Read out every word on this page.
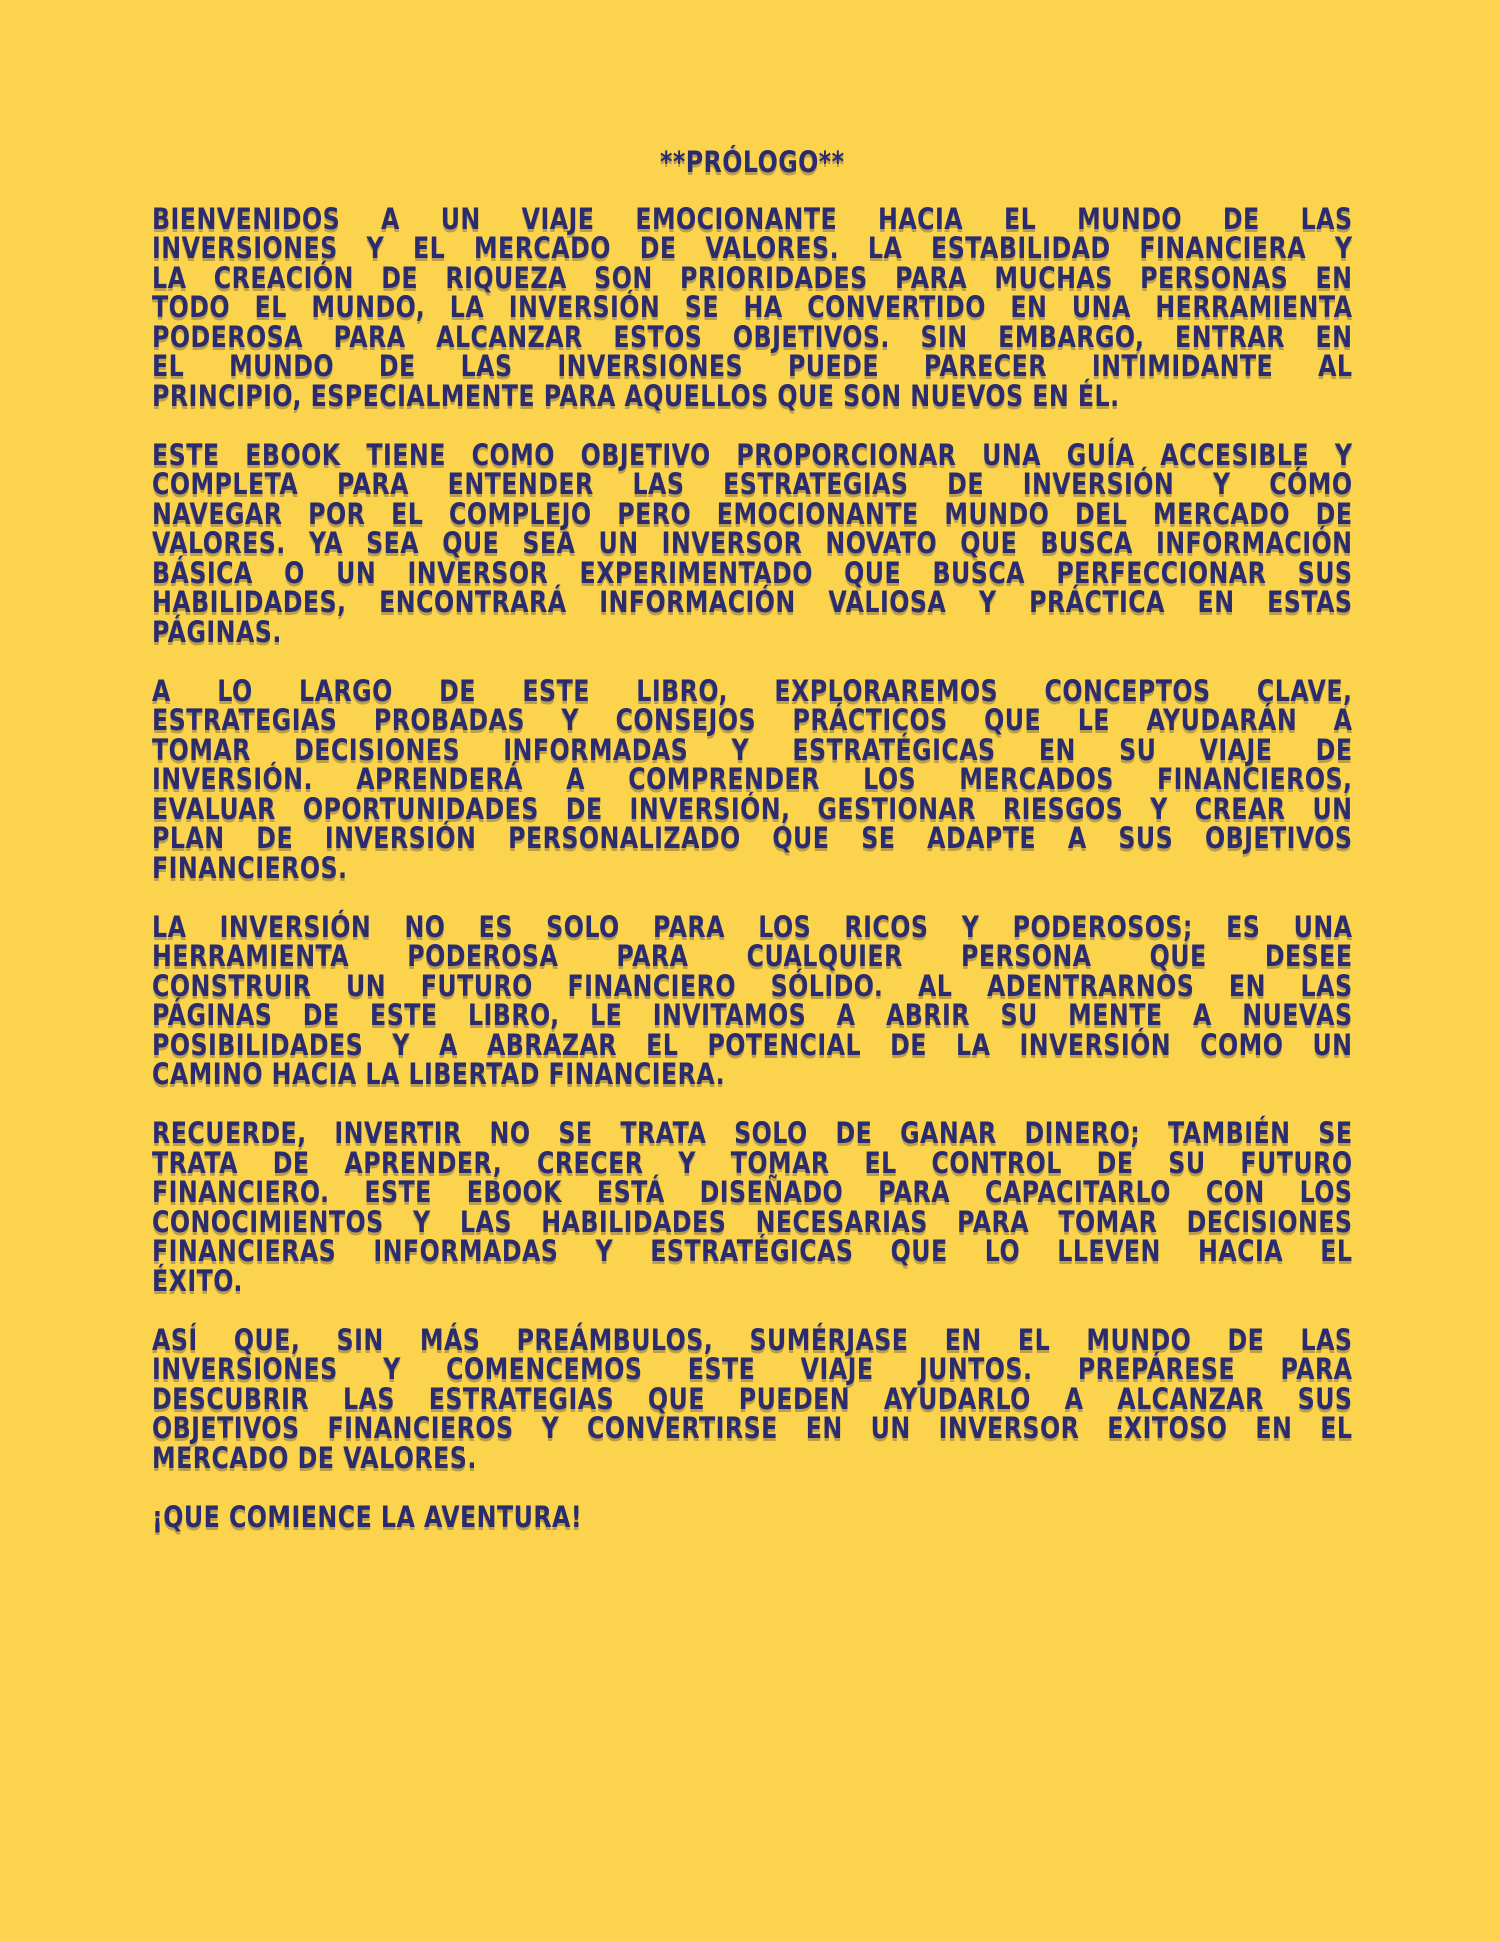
**PRÓLOGO**
BIENVENIDOS A UN VIAJE EMOCIONANTE HACIA EL MUNDO DE LAS
INVERSIONES Y EL MERCADO DE VALORES. LA ESTABILIDAD FINANCIERA Y
LA CREACIÓN DE RIQUEZA SON PRIORIDADES PARA MUCHAS PERSONAS EN
TODO EL MUNDO, LA INVERSIÓN SE HA CONVERTIDO EN UNA HERRAMIENTA
PODEROSA PARA ALCANZAR ESTOS OBJETIVOS. SIN EMBARGO, ENTRAR EN
EL MUNDO DE LAS INVERSIONES PUEDE PARECER INTIMIDANTE AL
PRINCIPIO, ESPECIALMENTE PARA AQUELLOS QUE SON NUEVOS EN ÉL.
ESTE EBOOK TIENE COMO OBJETIVO PROPORCIONAR UNA GUÍA ACCESIBLE Y
COMPLETA PARA ENTENDER LAS ESTRATEGIAS DE INVERSIÓN Y CÓMO
NAVEGAR POR EL COMPLEJO PERO EMOCIONANTE MUNDO DEL MERCADO DE
VALORES. YA SEA QUE SEA UN INVERSOR NOVATO QUE BUSCA INFORMACIÓN
BÁSICA O UN INVERSOR EXPERIMENTADO QUE BUSCA PERFECCIONAR SUS
HABILIDADES, ENCONTRARÁ INFORMACIÓN VALIOSA Y PRÁCTICA EN ESTAS
PÁGINAS.
A LO LARGO DE ESTE LIBRO, EXPLORAREMOS CONCEPTOS CLAVE,
ESTRATEGIAS PROBADAS Y CONSEJOS PRÁCTICOS QUE LE AYUDARÁN A
TOMAR DECISIONES INFORMADAS Y ESTRATÉGICAS EN SU VIAJE DE
INVERSIÓN. APRENDERÁ A COMPRENDER LOS MERCADOS FINANCIEROS,
EVALUAR OPORTUNIDADES DE INVERSIÓN, GESTIONAR RIESGOS Y CREAR UN
PLAN DE INVERSIÓN PERSONALIZADO QUE SE ADAPTE A SUS OBJETIVOS
FINANCIEROS.
LA INVERSIÓN NO ES SOLO PARA LOS RICOS Y PODEROSOS; ES UNA
HERRAMIENTA PODEROSA PARA CUALQUIER PERSONA QUE DESEE
CONSTRUIR UN FUTURO FINANCIERO SÓLIDO. AL ADENTRARNOS EN LAS
PÁGINAS DE ESTE LIBRO, LE INVITAMOS A ABRIR SU MENTE A NUEVAS
POSIBILIDADES Y A ABRAZAR EL POTENCIAL DE LA INVERSIÓN COMO UN
CAMINO HACIA LA LIBERTAD FINANCIERA.
RECUERDE, INVERTIR NO SE TRATA SOLO DE GANAR DINERO; TAMBIÉN SE
TRATA DE APRENDER, CRECER Y TOMAR EL CONTROL DE SU FUTURO
FINANCIERO. ESTE EBOOK ESTÁ DISEÑADO PARA CAPACITARLO CON LOS
CONOCIMIENTOS Y LAS HABILIDADES NECESARIAS PARA TOMAR DECISIONES
FINANCIERAS INFORMADAS Y ESTRATÉGICAS QUE LO LLEVEN HACIA EL
ÉXITO.
ASÍ QUE, SIN MÁS PREÁMBULOS, SUMÉRJASE EN EL MUNDO DE LAS
INVERSIONES Y COMENCEMOS ESTE VIAJE JUNTOS. PREPÁRESE PARA
DESCUBRIR LAS ESTRATEGIAS QUE PUEDEN AYUDARLO A ALCANZAR SUS
OBJETIVOS FINANCIEROS Y CONVERTIRSE EN UN INVERSOR EXITOSO EN EL
MERCADO DE VALORES.
¡QUE COMIENCE LA AVENTURA!
